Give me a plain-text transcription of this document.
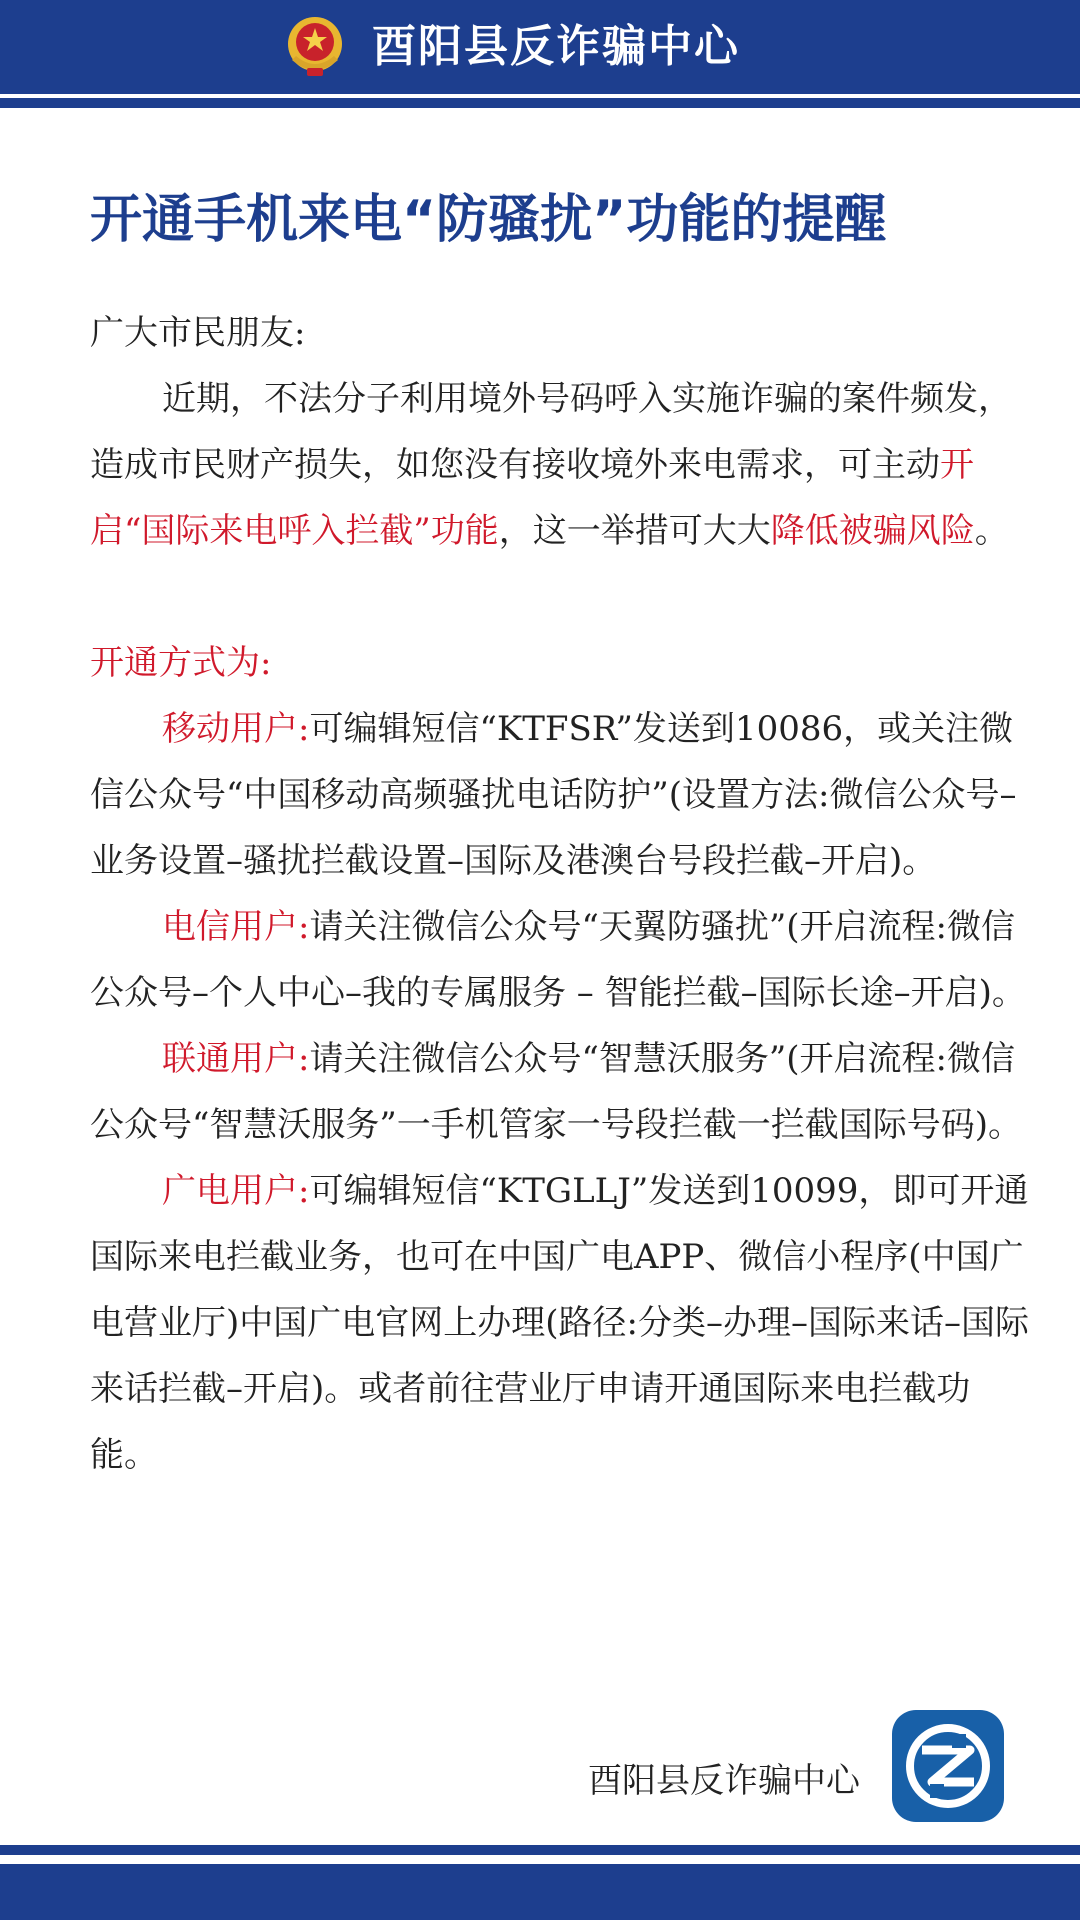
酉阳县反诈骗中心
开通手机来电“防骚扰”功能的提醒

广大市民朋友:

近期，不法分子利用境外号码呼入实施诈骗的案件频发，造成市民财产损失，如您没有接收境外来电需求，可主动开启“国际来电呼入拦截”功能，这一举措可大大降低被骗风险。

开通方式为:

移动用户:可编辑短信“KTFSR”发送到10086，或关注微信公众号“中国移动高频骚扰电话防护”(设置方法:微信公众号–业务设置–骚扰拦截设置–国际及港澳台号段拦截–开启)。

电信用户:请关注微信公众号“天翼防骚扰”(开启流程:微信公众号–个人中心–我的专属服务 – 智能拦截–国际长途–开启)。

联通用户:请关注微信公众号“智慧沃服务”(开启流程:微信公众号“智慧沃服务”一手机管家一号段拦截一拦截国际号码)。

广电用户:可编辑短信“KTGLLJ”发送到10099，即可开通国际来电拦截业务，也可在中国广电APP、微信小程序(中国广电营业厅)中国广电官网上办理(路径:分类–办理–国际来话–国际来话拦截–开启)。或者前往营业厅申请开通国际来电拦截功能。

酉阳县反诈骗中心
